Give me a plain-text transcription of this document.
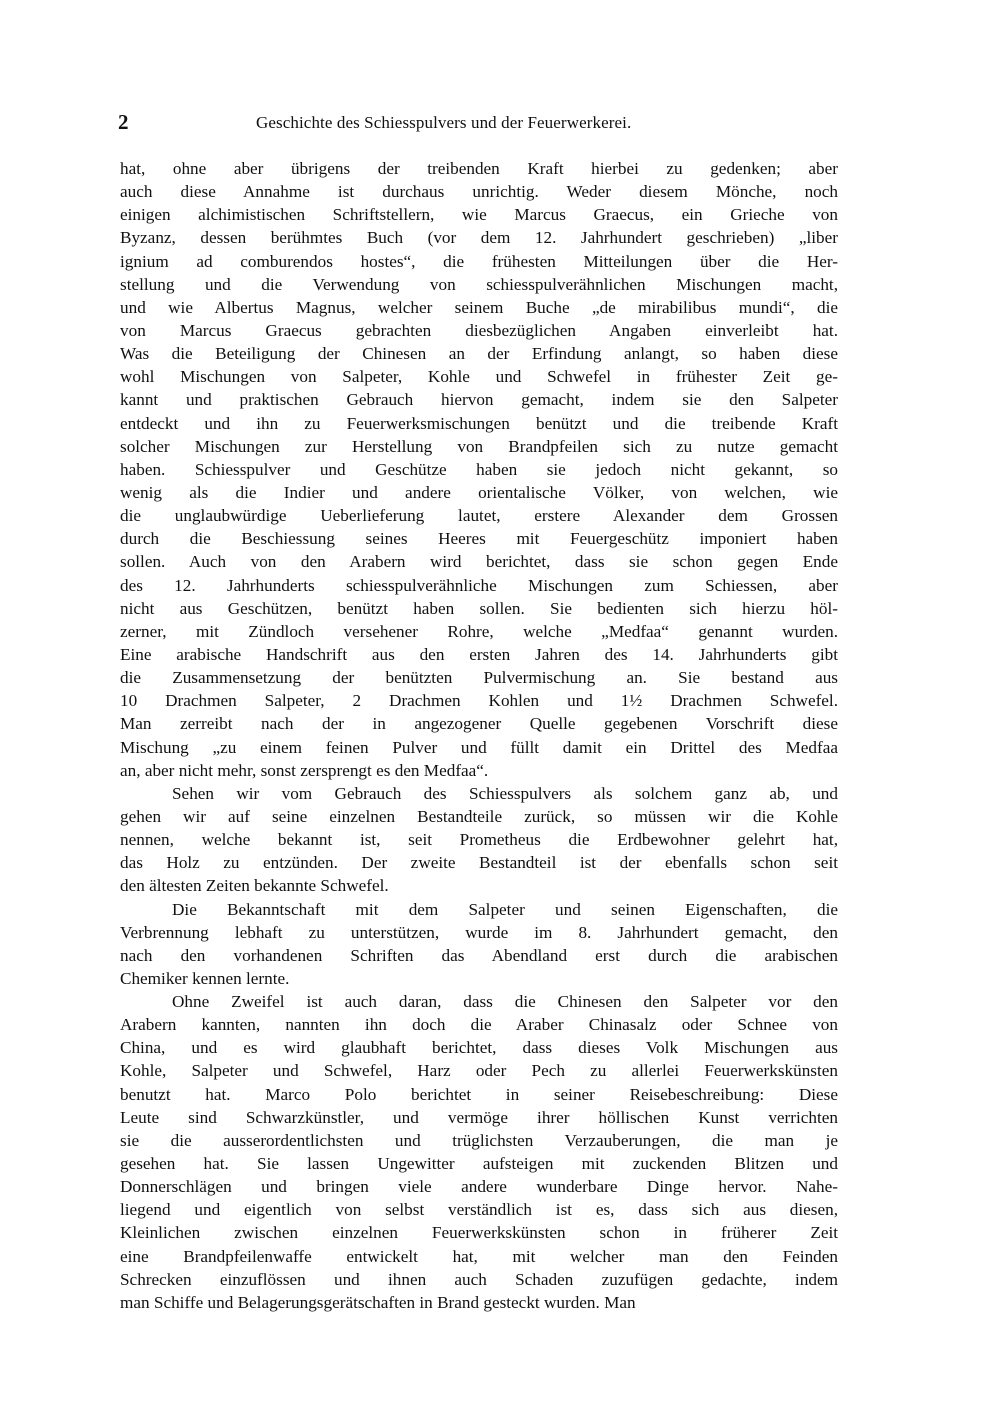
2	Geschichte des Schiesspulvers und der Feuerwerkerei.
hat, ohne aber übrigens der treibenden Kraft hierbei zu gedenken; aber
auch diese Annahme ist durchaus unrichtig. Weder diesem Mönche, noch
einigen alchimistischen Schriftstellern, wie Marcus Graecus, ein Grieche von
Byzanz, dessen berühmtes Buch (vor dem 12. Jahrhundert geschrieben) „liber
ignium ad comburendos hostes“, die frühesten Mitteilungen über die Her-
stellung und die Verwendung von schiesspulverähnlichen Mischungen macht,
und wie Albertus Magnus, welcher seinem Buche „de mirabilibus mundi“, die
von Marcus Graecus gebrachten diesbezüglichen Angaben einverleibt hat.
Was die Beteiligung der Chinesen an der Erfindung anlangt, so haben diese
wohl Mischungen von Salpeter, Kohle und Schwefel in frühester Zeit ge-
kannt und praktischen Gebrauch hiervon gemacht, indem sie den Salpeter
entdeckt und ihn zu Feuerwerksmischungen benützt und die treibende Kraft
solcher Mischungen zur Herstellung von Brandpfeilen sich zu nutze gemacht
haben. Schiesspulver und Geschütze haben sie jedoch nicht gekannt, so
wenig als die Indier und andere orientalische Völker, von welchen, wie
die unglaubwürdige Ueberlieferung lautet, erstere Alexander dem Grossen
durch die Beschiessung seines Heeres mit Feuergeschütz imponiert haben
sollen. Auch von den Arabern wird berichtet, dass sie schon gegen Ende
des 12. Jahrhunderts schiesspulverähnliche Mischungen zum Schiessen, aber
nicht aus Geschützen, benützt haben sollen. Sie bedienten sich hierzu höl-
zerner, mit Zündloch versehener Rohre, welche „Medfaa“ genannt wurden.
Eine arabische Handschrift aus den ersten Jahren des 14. Jahrhunderts gibt
die Zusammensetzung der benützten Pulvermischung an. Sie bestand aus
10 Drachmen Salpeter, 2 Drachmen Kohlen und 1½ Drachmen Schwefel.
Man zerreibt nach der in angezogener Quelle gegebenen Vorschrift diese
Mischung „zu einem feinen Pulver und füllt damit ein Drittel des Medfaa
an, aber nicht mehr, sonst zersprengt es den Medfaa“.
Sehen wir vom Gebrauch des Schiesspulvers als solchem ganz ab, und
gehen wir auf seine einzelnen Bestandteile zurück, so müssen wir die Kohle
nennen, welche bekannt ist, seit Prometheus die Erdbewohner gelehrt hat,
das Holz zu entzünden. Der zweite Bestandteil ist der ebenfalls schon seit
den ältesten Zeiten bekannte Schwefel.
Die Bekanntschaft mit dem Salpeter und seinen Eigenschaften, die
Verbrennung lebhaft zu unterstützen, wurde im 8. Jahrhundert gemacht, den
nach den vorhandenen Schriften das Abendland erst durch die arabischen
Chemiker kennen lernte.
Ohne Zweifel ist auch daran, dass die Chinesen den Salpeter vor den
Arabern kannten, nannten ihn doch die Araber Chinasalz oder Schnee von
China, und es wird glaubhaft berichtet, dass dieses Volk Mischungen aus
Kohle, Salpeter und Schwefel, Harz oder Pech zu allerlei Feuerwerkskünsten
benutzt hat. Marco Polo berichtet in seiner Reisebeschreibung: Diese
Leute sind Schwarzkünstler, und vermöge ihrer höllischen Kunst verrichten
sie die ausserordentlichsten und trüglichsten Verzauberungen, die man je
gesehen hat. Sie lassen Ungewitter aufsteigen mit zuckenden Blitzen und
Donnerschlägen und bringen viele andere wunderbare Dinge hervor. Nahe-
liegend und eigentlich von selbst verständlich ist es, dass sich aus diesen,
Kleinlichen zwischen einzelnen Feuerwerkskünsten schon in früherer Zeit
eine Brandpfeilenwaffe entwickelt hat, mit welcher man den Feinden
Schrecken einzuflössen und ihnen auch Schaden zuzufügen gedachte, indem
man Schiffe und Belagerungsgerätschaften in Brand gesteckt wurden. Man
